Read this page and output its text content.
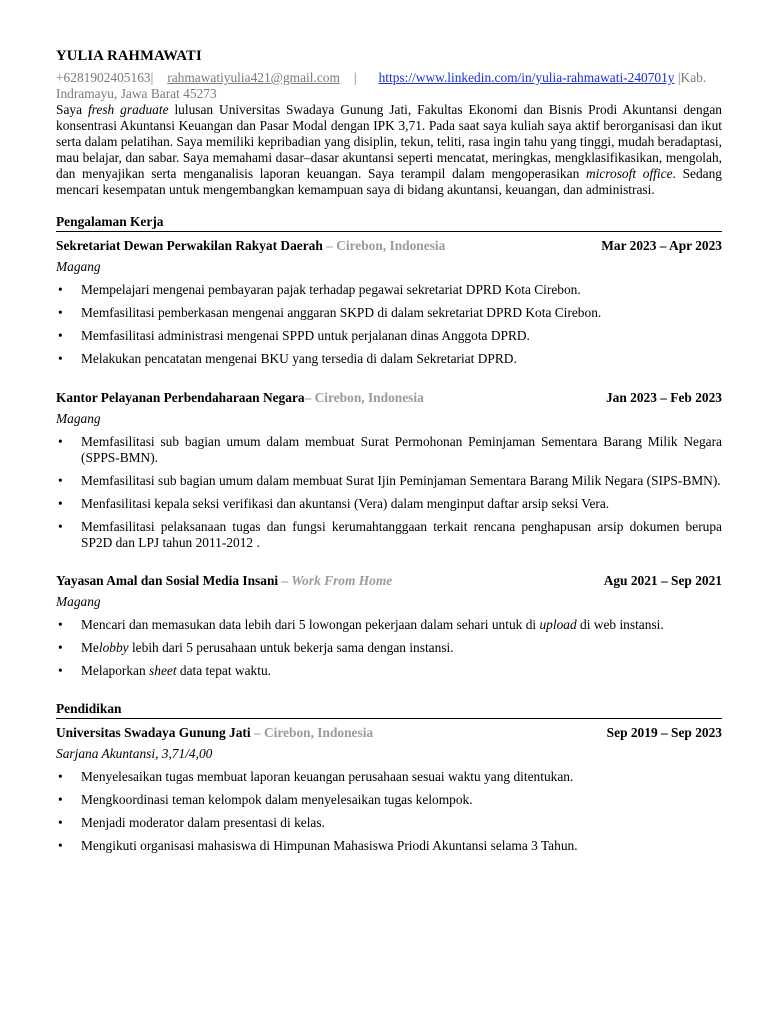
YULIA RAHMAWATI

+6281902405163| rahmawatiyulia421@gmail.com | https://www.linkedin.com/in/yulia-rahmawati-240701y |Kab. Indramayu, Jawa Barat 45273

Saya fresh graduate lulusan Universitas Swadaya Gunung Jati, Fakultas Ekonomi dan Bisnis Prodi Akuntansi dengan konsentrasi Akuntansi Keuangan dan Pasar Modal dengan IPK 3,71. Pada saat saya kuliah saya aktif berorganisasi dan ikut serta dalam pelatihan. Saya memiliki kepribadian yang disiplin, tekun, teliti, rasa ingin tahu yang tinggi, mudah beradaptasi, mau belajar, dan sabar. Saya memahami dasar–dasar akuntansi seperti mencatat, meringkas, mengklasifikasikan, mengolah, dan menyajikan serta menganalisis laporan keuangan. Saya terampil dalam mengoperasikan microsoft office. Sedang mencari kesempatan untuk mengembangkan kemampuan saya di bidang akuntansi, keuangan, dan administrasi.

Pengalaman Kerja
Sekretariat Dewan Perwakilan Rakyat Daerah – Cirebon, Indonesia	Mar 2023 – Apr 2023

Magang

• Mempelajari mengenai pembayaran pajak terhadap pegawai sekretariat DPRD Kota Cirebon.
• Memfasilitasi pemberkasan mengenai anggaran SKPD di dalam sekretariat DPRD Kota Cirebon.
• Memfasilitasi administrasi mengenai SPPD untuk perjalanan dinas Anggota DPRD.
• Melakukan pencatatan mengenai BKU yang tersedia di dalam Sekretariat DPRD.
Kantor Pelayanan Perbendaharaan Negara– Cirebon, Indonesia	Jan 2023 – Feb 2023

Magang

• Memfasilitasi sub bagian umum dalam membuat Surat Permohonan Peminjaman Sementara Barang Milik Negara (SPPS-BMN).
• Memfasilitasi sub bagian umum dalam membuat Surat Ijin Peminjaman Sementara Barang Milik Negara (SIPS-BMN).
• Menfasilitasi kepala seksi verifikasi dan akuntansi (Vera) dalam menginput daftar arsip seksi Vera.
• Memfasilitasi pelaksanaan tugas dan fungsi kerumahtanggaan terkait rencana penghapusan arsip dokumen berupa SP2D dan LPJ tahun 2011-2012 .
Yayasan Amal dan Sosial Media Insani – Work From Home	Agu 2021 – Sep 2021

Magang

• Mencari dan memasukan data lebih dari 5 lowongan pekerjaan dalam sehari untuk di upload di web instansi.
• Melobby lebih dari 5 perusahaan untuk bekerja sama dengan instansi.
• Melaporkan sheet data tepat waktu.
Pendidikan
Universitas Swadaya Gunung Jati – Cirebon, Indonesia	Sep 2019 – Sep 2023

Sarjana Akuntansi, 3,71/4,00

• Menyelesaikan tugas membuat laporan keuangan perusahaan sesuai waktu yang ditentukan.
• Mengkoordinasi teman kelompok dalam menyelesaikan tugas kelompok.
• Menjadi moderator dalam presentasi di kelas.
• Mengikuti organisasi mahasiswa di Himpunan Mahasiswa Priodi Akuntansi selama 3 Tahun.
